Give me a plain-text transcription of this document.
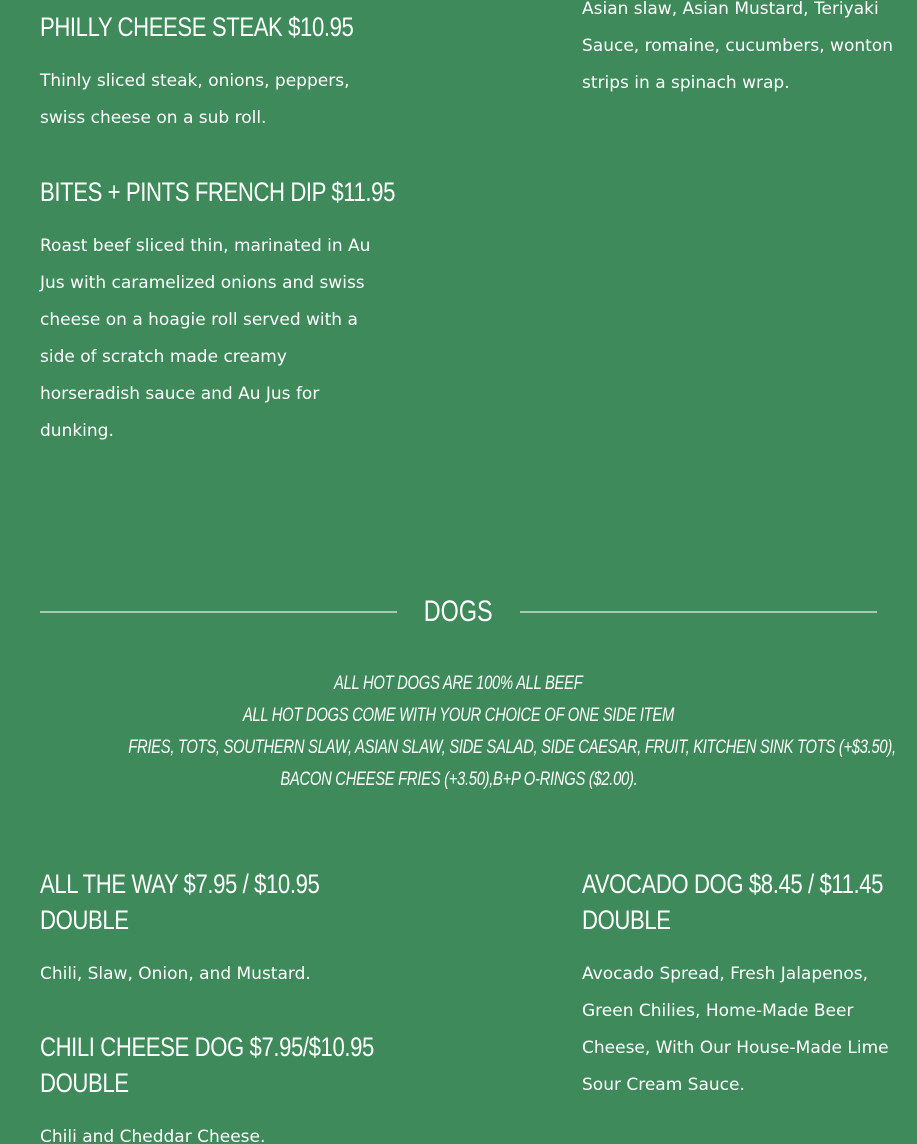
PHILLY CHEESE STEAK $10.95
Thinly sliced steak, onions, peppers, swiss cheese on a sub roll.
BITES + PINTS FRENCH DIP $11.95
Roast beef sliced thin, marinated in Au Jus with caramelized onions and swiss cheese on a hoagie roll served with a side of scratch made creamy horseradish sauce and Au Jus for dunking.
Asian slaw, Asian Mustard, Teriyaki Sauce, romaine, cucumbers, wonton strips in a spinach wrap.
DOGS
ALL HOT DOGS ARE 100% ALL BEEF
ALL HOT DOGS COME WITH YOUR CHOICE OF ONE SIDE ITEM
FRIES, TOTS, SOUTHERN SLAW, ASIAN SLAW, SIDE SALAD, SIDE CAESAR, FRUIT, KITCHEN SINK TOTS (+$3.50),
BACON CHEESE FRIES (+3.50),B+P O-RINGS ($2.00).
ALL THE WAY $7.95 / $10.95
DOUBLE
Chili, Slaw, Onion, and Mustard.
CHILI CHEESE DOG $7.95/$10.95
DOUBLE
Chili and Cheddar Cheese.
AVOCADO DOG $8.45 / $11.45
DOUBLE
Avocado Spread, Fresh Jalapenos, Green Chilies, Home-Made Beer Cheese, With Our House-Made Lime Sour Cream Sauce.
